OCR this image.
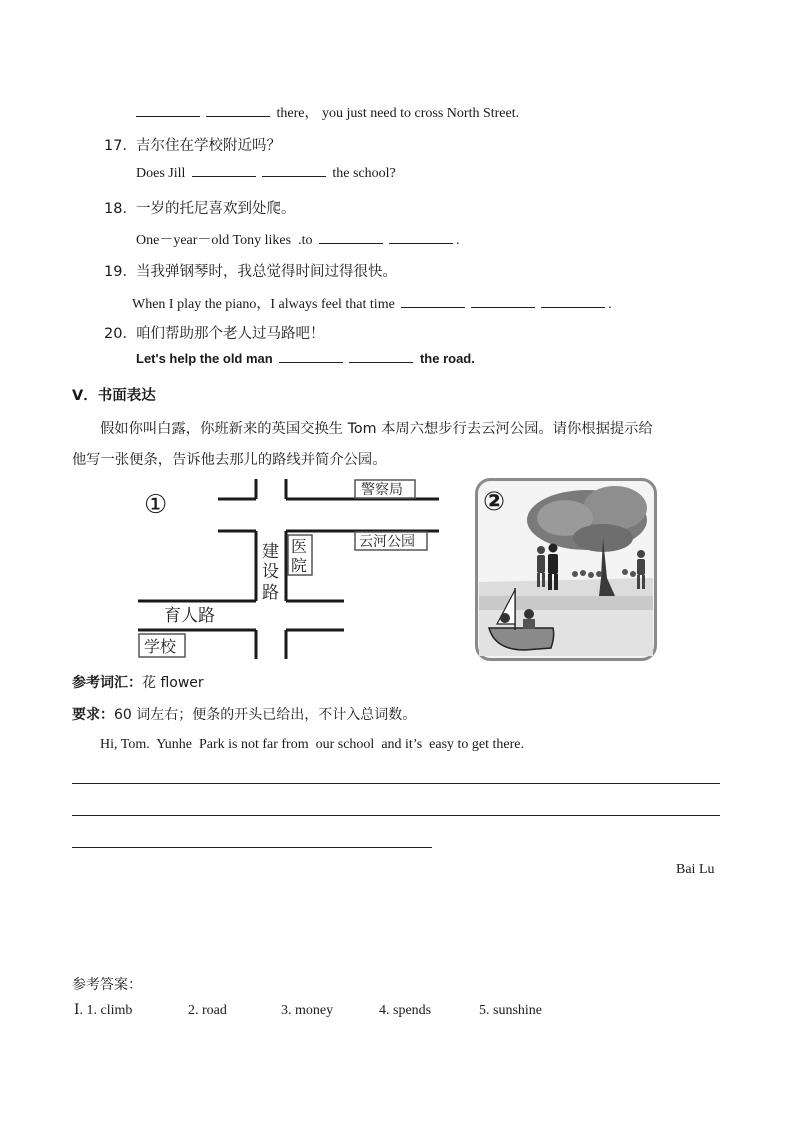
there， you just need to cross North Street.
17． 吉尔住在学校附近吗？
Does Jill	the school?
18． 一岁的托尼喜欢到处爬。
One－year－old Tony likes  .to	.
19． 当我弹钢琴时，我总觉得时间过得很快。
When I play the piano，I always feel that time	.
20． 咱们帮助那个老人过马路吧！
Let's help the old man	the road.
V．书面表达
假如你叫白露，你班新来的英国交换生 Tom 本周六想步行去云河公园。请你根据提示给
他写一张便条，告诉他去那儿的路线并简介公园。
①	警察局
云河公园
医
院
建
设
路
育人路
学校
②
参考词汇：花 flower
要求：60 词左右；便条的开头已给出，不计入总词数。
Hi, Tom.  Yunhe  Park is not far from  our school  and it’s  easy to get there.
Bai Lu
参考答案：
Ⅰ. 1. climb	2. road	3. money	4. spends	5. sunshine
